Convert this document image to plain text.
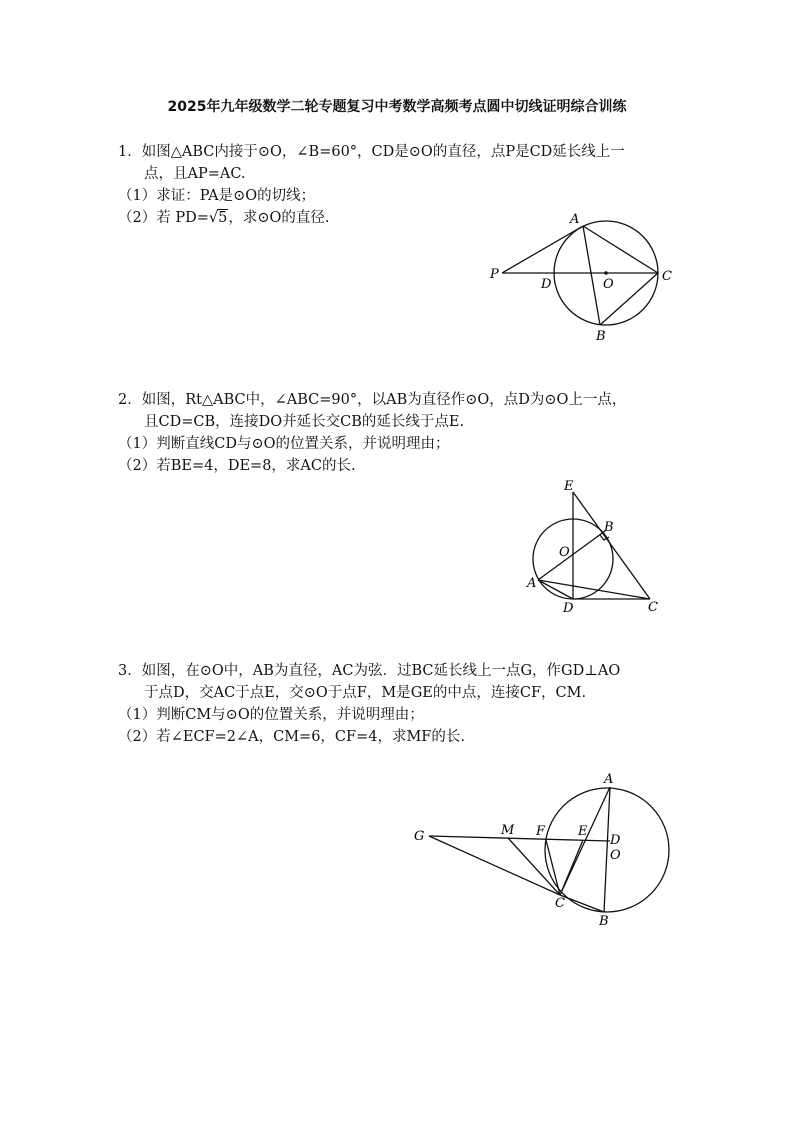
2025年九年级数学二轮专题复习中考数学高频考点圆中切线证明综合训练
1．如图△ABC内接于⊙O，∠B=60°，CD是⊙O的直径，点P是CD延长线上一
点，且AP=AC.
（1）求证：PA是⊙O的切线；
（2）若 PD=√5，求⊙O的直径.	A
P
D	O
C
B
2．如图，Rt△ABC中，∠ABC=90°，以AB为直径作⊙O，点D为⊙O上一点，
且CD=CB，连接DO并延长交CB的延长线于点E.
（1）判断直线CD与⊙O的位置关系，并说明理由；
（2）若BE=4，DE=8，求AC的长.
E
B
O
A
D	C
3．如图，在⊙O中，AB为直径，AC为弦．过BC延长线上一点G，作GD⊥AO
于点D，交AC于点E，交⊙O于点F，M是GE的中点，连接CF，CM.
（1）判断CM与⊙O的位置关系，并说明理由；
（2）若∠ECF=2∠A，CM=6，CF=4，求MF的长.
A
G	M F	E
D
O
C
B
